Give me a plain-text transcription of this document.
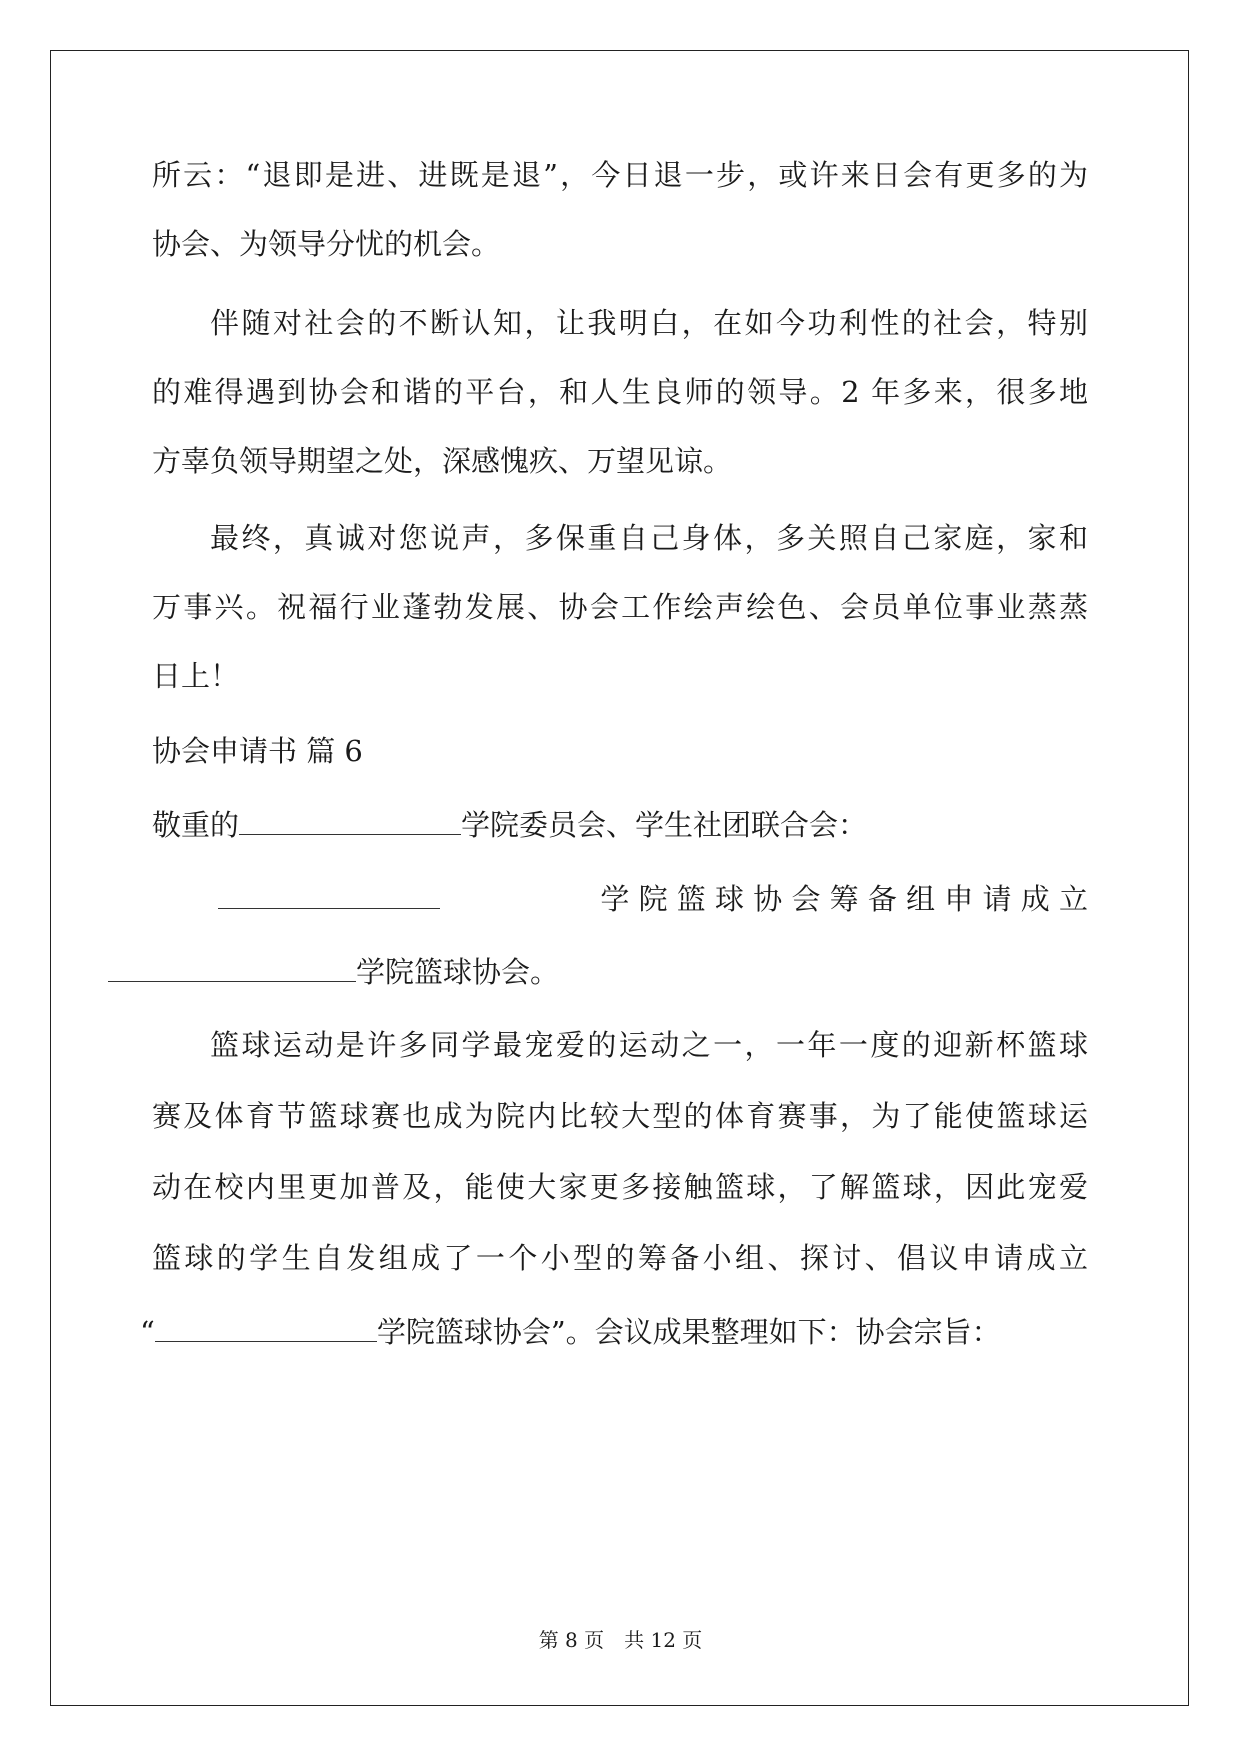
所云：“退即是进、进既是退”，今日退一步，或许来日会有更多的为
协会、为领导分忧的机会。
伴随对社会的不断认知，让我明白，在如今功利性的社会，特别
的难得遇到协会和谐的平台，和人生良师的领导。2 年多来，很多地
方辜负领导期望之处，深感愧疚、万望见谅。
最终，真诚对您说声，多保重自己身体，多关照自己家庭，家和
万事兴。祝福行业蓬勃发展、协会工作绘声绘色、会员单位事业蒸蒸
日上！
协会申请书 篇 6
敬重的	学院委员会、学生社团联合会：
学 院 篮 球 协 会 筹 备 组 申 请 成 立
学院篮球协会。
篮球运动是许多同学最宠爱的运动之一，一年一度的迎新杯篮球
赛及体育节篮球赛也成为院内比较大型的体育赛事，为了能使篮球运
动在校内里更加普及，能使大家更多接触篮球，了解篮球，因此宠爱
篮球的学生自发组成了一个小型的筹备小组、探讨、倡议申请成立
“	学院篮球协会”。会议成果整理如下：协会宗旨：
第 8 页　共 12 页
